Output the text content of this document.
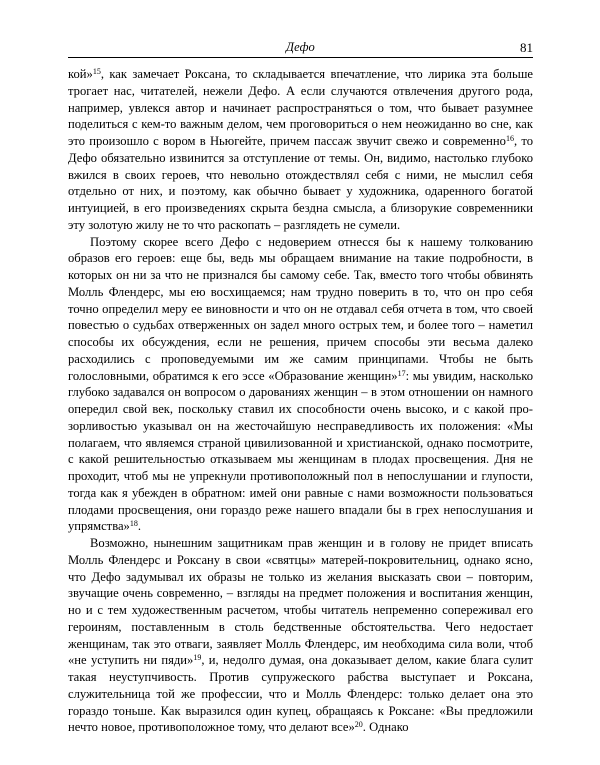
Дефо	81

кой»$^{15}$, как замечает Роксана, то складывается впечатление, что лирика эта больше трогает нас, читателей, нежели Дефо. А если случаются отвлечения другого рода, например, увлекся автор и начинает распространяться о том, что бывает разумнее поделиться с кем-то важным делом, чем проговориться о нем неожиданно во сне, как это произошло с вором в Ньюгейте, причем пассаж звучит свежо и современно$^{16}$, то Дефо обязательно извинится за отступление от темы. Он, видимо, настолько глубоко вжился в своих героев, что невольно отождествлял себя с ними, не мыслил себя отдельно от них, и поэтому, как обычно бывает у художника, одаренного богатой интуицией, в его произведениях скрыта бездна смысла, а близорукие современники эту золотую жилу не то что раскопать – разглядеть не сумели.

Поэтому скорее всего Дефо с недоверием отнесся бы к нашему толкованию образов его героев: еще бы, ведь мы обращаем внимание на такие подробности, в которых он ни за что не признался бы самому себе. Так, вместо того чтобы обвинять Молль Флендерс, мы ею восхищаемся; нам трудно поверить в то, что он про себя точно определил меру ее виновности и что он не отдавал себя отчета в том, что своей повестью о судьбах отверженных он задел много острых тем, и более того – наметил способы их обсуждения, если не решения, причем способы эти весьма далеко расходились с проповедуемыми им же самим принципами. Чтобы не быть голословными, обратимся к его эссе «Образование женщин»$^{17}$: мы увидим, насколько глубоко задавался он вопросом о дарованиях женщин – в этом отношении он намного опередил свой век, поскольку ставил их способности очень высоко, и с какой прозорливостью указывал он на жесточайшую несправедливость их положения: «Мы полагаем, что являемся страной цивилизованной и христианской, однако посмотрите, с какой решительностью отказываем мы женщинам в плодах просвещения. Дня не проходит, чтоб мы не упрекнули противоположный пол в непослушании и глупости, тогда как я убежден в обратном: имей они равные с нами возможности пользоваться плодами просвещения, они гораздо реже нашего впадали бы в грех непослушания и упрямства»$^{18}$.

Возможно, нынешним защитникам прав женщин и в голову не придет вписать Молль Флендерс и Роксану в свои «святцы» матерей-покровительниц, однако ясно, что Дефо задумывал их образы не только из желания высказать свои – повторим, звучащие очень современно, – взгляды на предмет положения и воспитания женщин, но и с тем художественным расчетом, чтобы читатель непременно сопереживал его героиням, поставленным в столь бедственные обстоятельства. Чего недостает женщинам, так это отваги, заявляет Молль Флендерс, им необходима сила воли, чтоб «не уступить ни пяди»$^{19}$, и, недолго думая, она доказывает делом, какие блага сулит такая неуступчивость. Против супружеского рабства выступает и Роксана, служительница той же профессии, что и Молль Флендерс: только делает она это гораздо тоньше. Как выразился один купец, обращаясь к Роксане: «Вы предложили нечто новое, противоположное тому, что делают все»$^{20}$. Однако
